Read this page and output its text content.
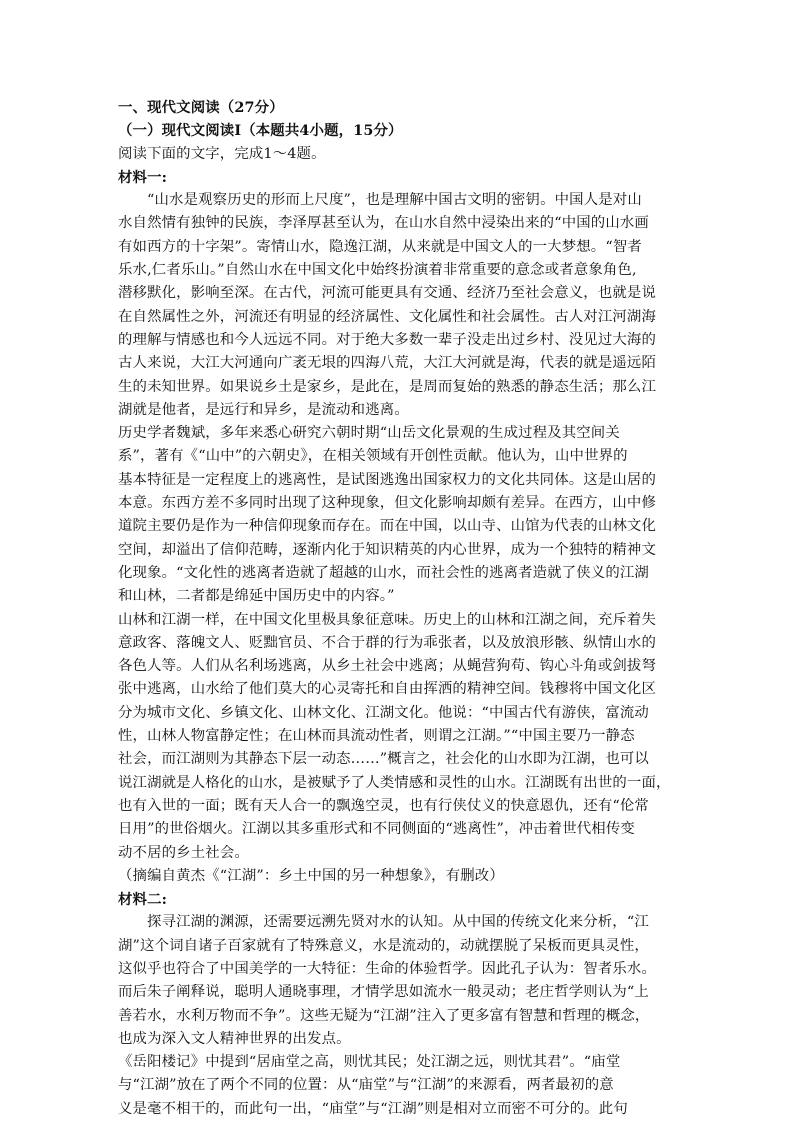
一、现代文阅读（27分）
（一）现代文阅读Ⅰ（本题共4小题，15分）
阅读下面的文字，完成1～4题。
材料一:
“山水是观察历史的形而上尺度”，也是理解中国古文明的密钥。中国人是对山
水自然情有独钟的民族，李泽厚甚至认为，在山水自然中浸染出来的“中国的山水画
有如西方的十字架”。寄情山水，隐逸江湖，从来就是中国文人的一大梦想。“智者
乐水,仁者乐山。”自然山水在中国文化中始终扮演着非常重要的意念或者意象角色,
潜移默化，影响至深。在古代，河流可能更具有交通、经济乃至社会意义，也就是说
在自然属性之外，河流还有明显的经济属性、文化属性和社会属性。古人对江河湖海
的理解与情感也和今人远远不同。对于绝大多数一辈子没走出过乡村、没见过大海的
古人来说，大江大河通向广袤无垠的四海八荒，大江大河就是海，代表的就是遥远陌
生的未知世界。如果说乡土是家乡，是此在，是周而复始的熟悉的静态生活；那么江
湖就是他者，是远行和异乡，是流动和逃离。
历史学者魏斌，多年来悉心研究六朝时期“山岳文化景观的生成过程及其空间关
系”，著有《“山中”的六朝史》，在相关领域有开创性贡献。他认为，山中世界的
基本特征是一定程度上的逃离性，是试图逃逸出国家权力的文化共同体。这是山居的
本意。东西方差不多同时出现了这种现象，但文化影响却颇有差异。在西方，山中修
道院主要仍是作为一种信仰现象而存在。而在中国，以山寺、山馆为代表的山林文化
空间，却溢出了信仰范畴，逐渐内化于知识精英的内心世界，成为一个独特的精神文
化现象。“文化性的逃离者造就了超越的山水，而社会性的逃离者造就了侠义的江湖
和山林，二者都是绵延中国历史中的内容。”
山林和江湖一样，在中国文化里极具象征意味。历史上的山林和江湖之间，充斥着失
意政客、落魄文人、贬黜官员、不合于群的行为乖张者，以及放浪形骸、纵情山水的
各色人等。人们从名利场逃离，从乡土社会中逃离；从蝇营狗苟、钩心斗角或剑拔弩
张中逃离，山水给了他们莫大的心灵寄托和自由挥洒的精神空间。钱穆将中国文化区
分为城市文化、乡镇文化、山林文化、江湖文化。他说：“中国古代有游侠，富流动
性，山林人物富静定性；在山林而具流动性者，则谓之江湖。”“中国主要乃一静态
社会，而江湖则为其静态下层一动态……”概言之，社会化的山水即为江湖，也可以
说江湖就是人格化的山水，是被赋予了人类情感和灵性的山水。江湖既有出世的一面，
也有入世的一面；既有天人合一的飘逸空灵，也有行侠仗义的快意恩仇，还有“伦常
日用”的世俗烟火。江湖以其多重形式和不同侧面的“逃离性”，冲击着世代相传变
动不居的乡土社会。
（摘编自黄杰《“江湖”：乡土中国的另一种想象》，有删改）
材料二:
探寻江湖的渊源，还需要远溯先贤对水的认知。从中国的传统文化来分析，“江
湖”这个词自诸子百家就有了特殊意义，水是流动的，动就摆脱了呆板而更具灵性，
这似乎也符合了中国美学的一大特征：生命的体验哲学。因此孔子认为：智者乐水。
而后朱子阐释说，聪明人通晓事理，才情学思如流水一般灵动；老庄哲学则认为“上
善若水，水利万物而不争”。这些无疑为“江湖”注入了更多富有智慧和哲理的概念，
也成为深入文人精神世界的出发点。
《岳阳楼记》中提到“居庙堂之高，则忧其民；处江湖之远，则忧其君”。“庙堂
与“江湖”放在了两个不同的位置：从“庙堂”与“江湖”的来源看，两者最初的意
义是毫不相干的，而此句一出，“庙堂”与“江湖”则是相对立而密不可分的。此句
